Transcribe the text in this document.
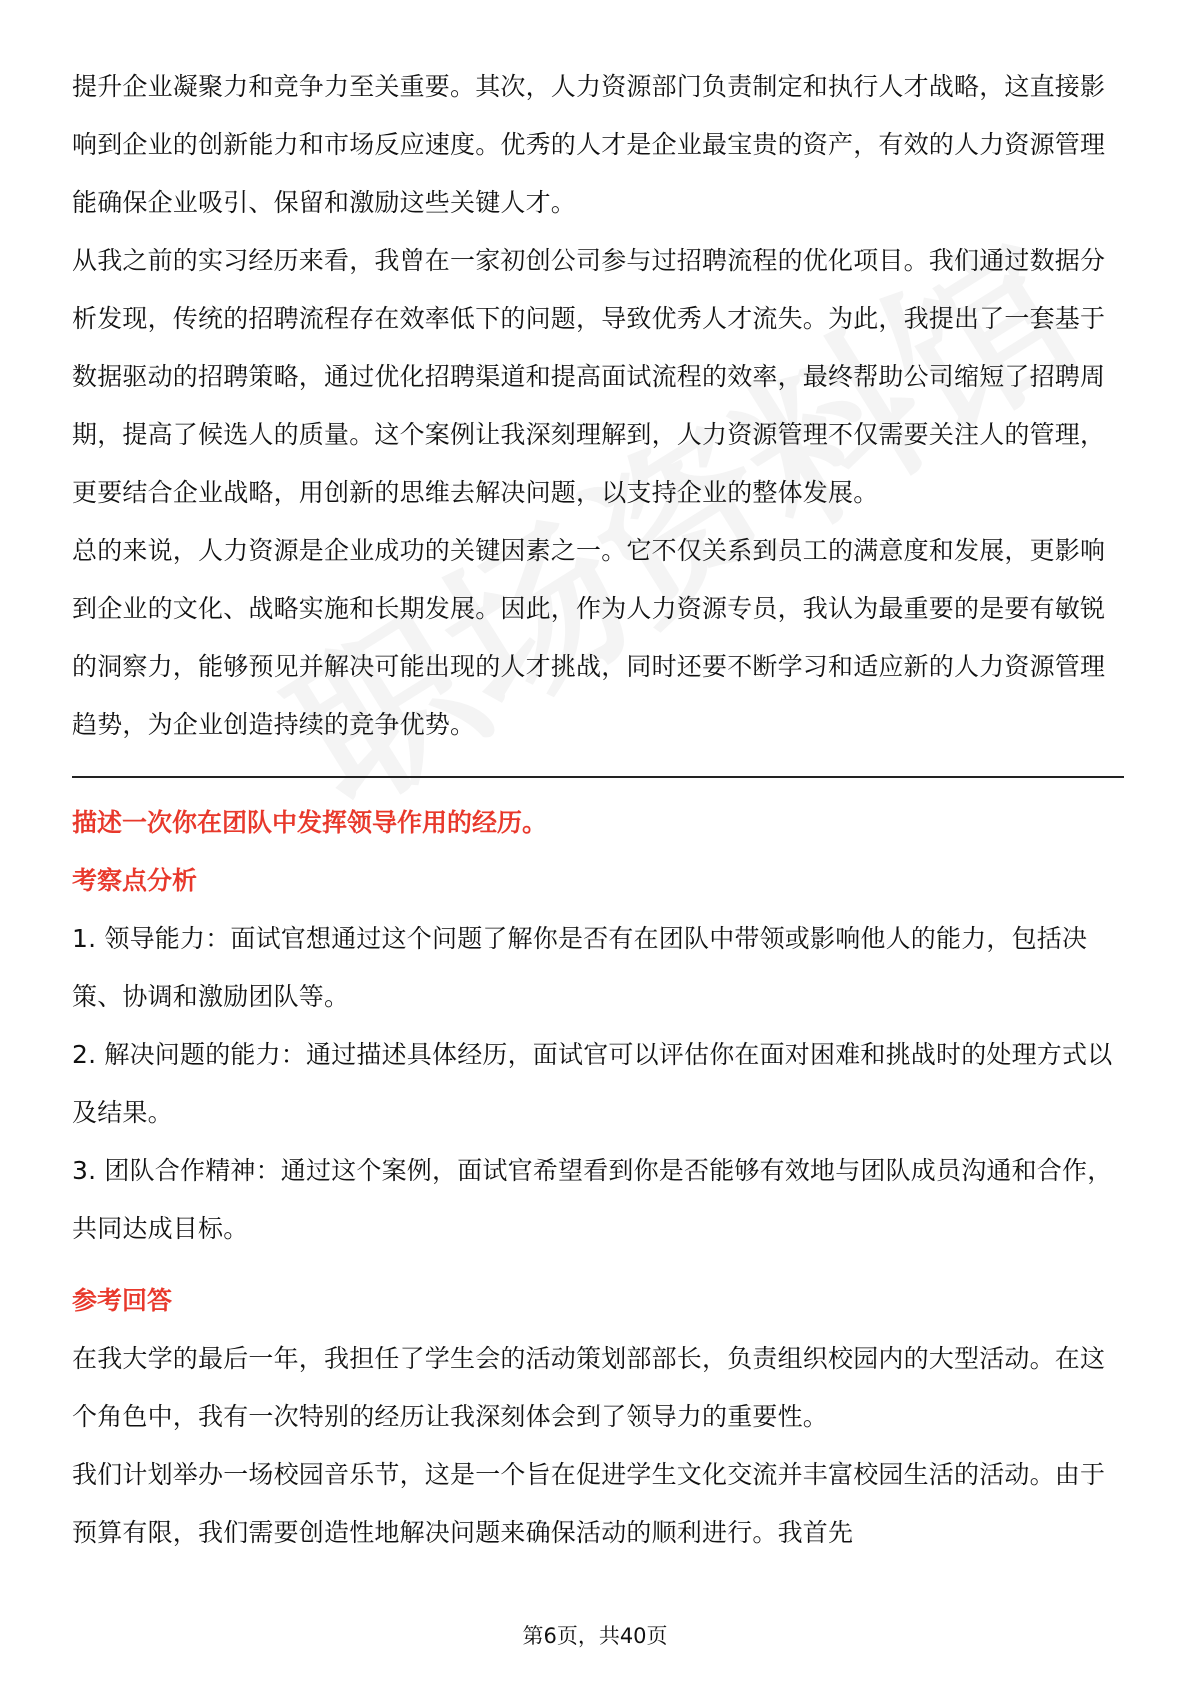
提升企业凝聚力和竞争力至关重要。其次，人力资源部门负责制定和执行人才战略，这直接影响到企业的创新能力和市场反应速度。优秀的人才是企业最宝贵的资产，有效的人力资源管理能确保企业吸引、保留和激励这些关键人才。

从我之前的实习经历来看，我曾在一家初创公司参与过招聘流程的优化项目。我们通过数据分析发现，传统的招聘流程存在效率低下的问题，导致优秀人才流失。为此，我提出了一套基于数据驱动的招聘策略，通过优化招聘渠道和提高面试流程的效率，最终帮助公司缩短了招聘周期，提高了候选人的质量。这个案例让我深刻理解到，人力资源管理不仅需要关注人的管理，更要结合企业战略，用创新的思维去解决问题，以支持企业的整体发展。

总的来说，人力资源是企业成功的关键因素之一。它不仅关系到员工的满意度和发展，更影响到企业的文化、战略实施和长期发展。因此，作为人力资源专员，我认为最重要的是要有敏锐的洞察力，能够预见并解决可能出现的人才挑战，同时还要不断学习和适应新的人力资源管理趋势，为企业创造持续的竞争优势。

描述一次你在团队中发挥领导作用的经历。

考察点分析

1. 领导能力：面试官想通过这个问题了解你是否有在团队中带领或影响他人的能力，包括决策、协调和激励团队等。

2. 解决问题的能力：通过描述具体经历，面试官可以评估你在面对困难和挑战时的处理方式以及结果。

3. 团队合作精神：通过这个案例，面试官希望看到你是否能够有效地与团队成员沟通和合作，共同达成目标。

参考回答

在我大学的最后一年，我担任了学生会的活动策划部部长，负责组织校园内的大型活动。在这个角色中，我有一次特别的经历让我深刻体会到了领导力的重要性。

我们计划举办一场校园音乐节，这是一个旨在促进学生文化交流并丰富校园生活的活动。由于预算有限，我们需要创造性地解决问题来确保活动的顺利进行。我首先

第6页，共40页
